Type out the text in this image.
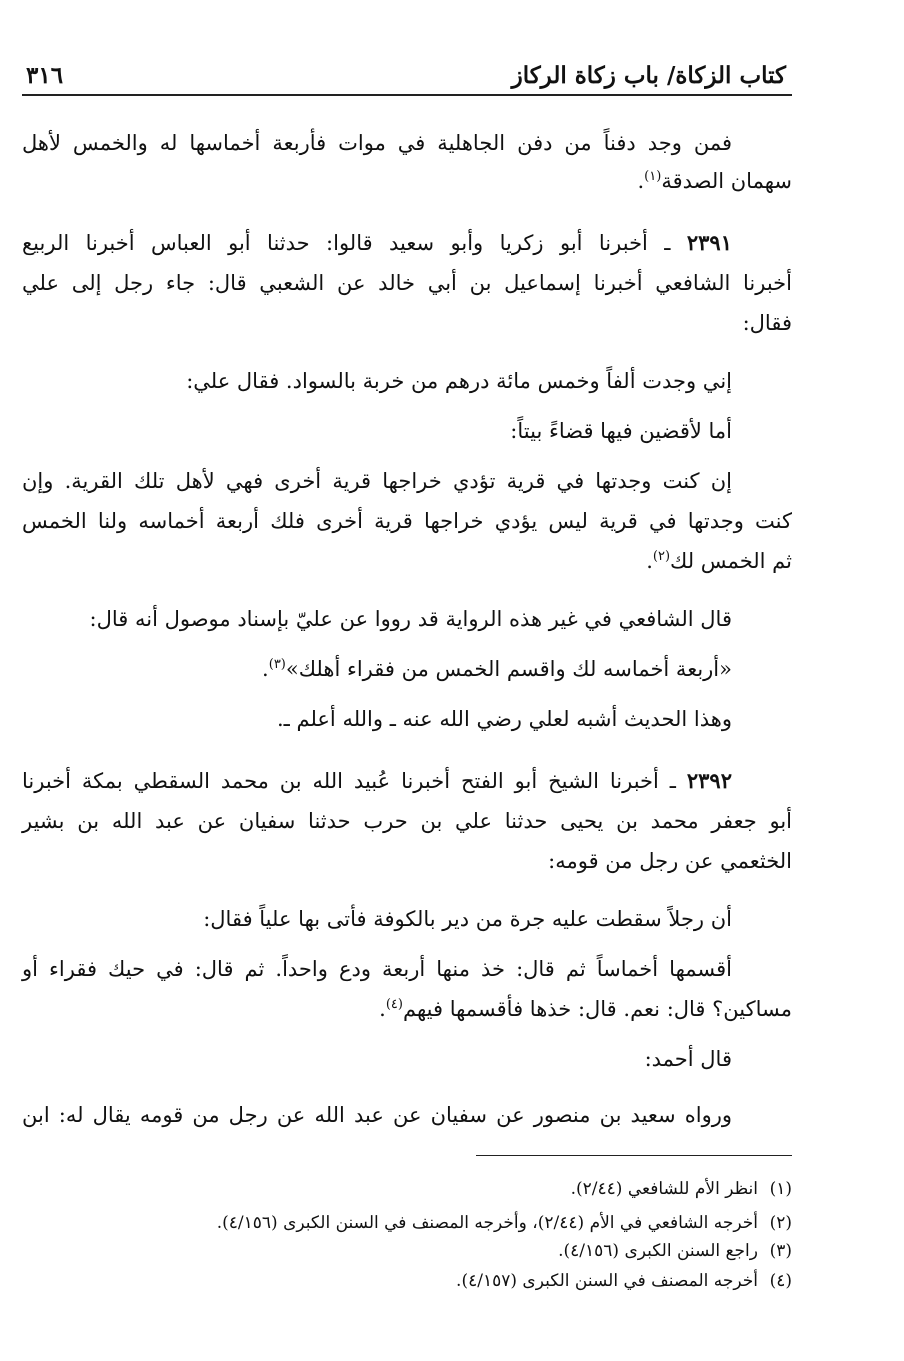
كتاب الزكاة/ باب زكاة الركاز
٣١٦
فمن وجد دفناً من دفن الجاهلية في موات فأربعة أخماسها له والخمس لأهل
سهمان الصدقة$^{(١)}$.
٢٣٩١ ـ أخبرنا أبو زكريا وأبو سعيد قالوا: حدثنا أبو العباس أخبرنا الربيع
أخبرنا الشافعي أخبرنا إسماعيل بن أبي خالد عن الشعبي قال: جاء رجل إلى علي
فقال:
إني وجدت ألفاً وخمس مائة درهم من خربة بالسواد. فقال علي:
أما لأقضين فيها قضاءً بيتاً:
إن كنت وجدتها في قرية تؤدي خراجها قرية أخرى فهي لأهل تلك القرية. وإن
كنت وجدتها في قرية ليس يؤدي خراجها قرية أخرى فلك أربعة أخماسه ولنا الخمس
ثم الخمس لك$^{(٢)}$.
قال الشافعي في غير هذه الرواية قد رووا عن عليّ بإسناد موصول أنه قال:
«أربعة أخماسه لك واقسم الخمس من فقراء أهلك»$^{(٣)}$.
وهذا الحديث أشبه لعلي رضي الله عنه ـ والله أعلم ـ.
٢٣٩٢ ـ أخبرنا الشيخ أبو الفتح أخبرنا عُبيد الله بن محمد السقطي بمكة أخبرنا
أبو جعفر محمد بن يحيى حدثنا علي بن حرب حدثنا سفيان عن عبد الله بن بشير
الخثعمي عن رجل من قومه:
أن رجلاً سقطت عليه جرة من دير بالكوفة فأتى بها علياً فقال:
أقسمها أخماساً ثم قال: خذ منها أربعة ودع واحداً. ثم قال: في حيك فقراء أو
مساكين؟ قال: نعم. قال: خذها فأقسمها فيهم$^{(٤)}$.
قال أحمد:
ورواه سعيد بن منصور عن سفيان عن عبد الله عن رجل من قومه يقال له: ابن
(١)انظر الأم للشافعي (٢/٤٤).
(٢)أخرجه الشافعي في الأم (٢/٤٤)، وأخرجه المصنف في السنن الكبرى (٤/١٥٦).
(٣)راجع السنن الكبرى (٤/١٥٦).
(٤)أخرجه المصنف في السنن الكبرى (٤/١٥٧).
